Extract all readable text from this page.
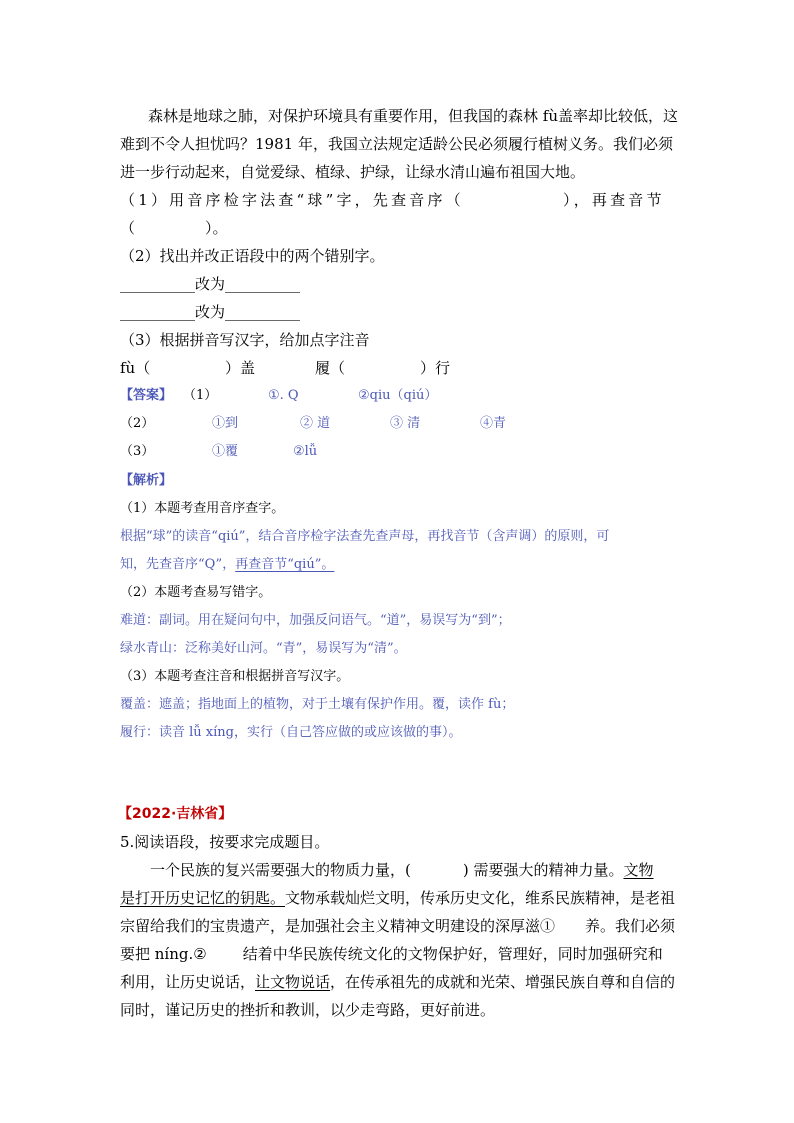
森林是地球之肺，对保护环境具有重要作用，但我国的森林 fù盖率却比较低，这
难到不令人担忧吗？1981 年，我国立法规定适龄公民必须履行植树义务。我们必须
进一步行动起来，自觉爱绿、植绿、护绿，让绿水清山遍布祖国大地。
（1）用音序检字法查“球”字，先查音序（	），再查音节
（	）。
（2）找出并改正语段中的两个错别字。
__________改为__________
__________改为__________
（3）根据拼音写汉字，给加点字注音
fù（	）盖	履（	）行
【答案】 （1）	①. Q	②qiu（qiú）
（2）	①到	② 道	③ 清	④青
（3）	①覆	②lǚ
【解析】
（1）本题考查用音序查字。
根据“球”的读音“qiú”，结合音序检字法查先查声母，再找音节（含声调）的原则，可
知，先查音序“Q”，再查音节“qiú”。
（2）本题考查易写错字。
难道：副词。用在疑问句中，加强反问语气。“道”，易误写为“到”；
绿水青山：泛称美好山河。“青”，易误写为“清”。
（3）本题考查注音和根据拼音写汉字。
覆盖：遮盖；指地面上的植物，对于土壤有保护作用。覆，读作 fù；
履行：读音 lǚ xíng，实行（自己答应做的或应该做的事）。
【2022·吉林省】
5.阅读语段，按要求完成题目。
一个民族的复兴需要强大的物质力量，(	) 需要强大的精神力量。文物
是打开历史记忆的钥匙。文物承载灿烂文明，传承历史文化，维系民族精神，是老祖
宗留给我们的宝贵遗产，是加强社会主义精神文明建设的深厚滋① 养。我们必须
要把 níng.② 结着中华民族传统文化的文物保护好，管理好，同时加强研究和
利用，让历史说话，让文物说话，在传承祖先的成就和光荣、增强民族自尊和自信的
同时，谨记历史的挫折和教训，以少走弯路，更好前进。
